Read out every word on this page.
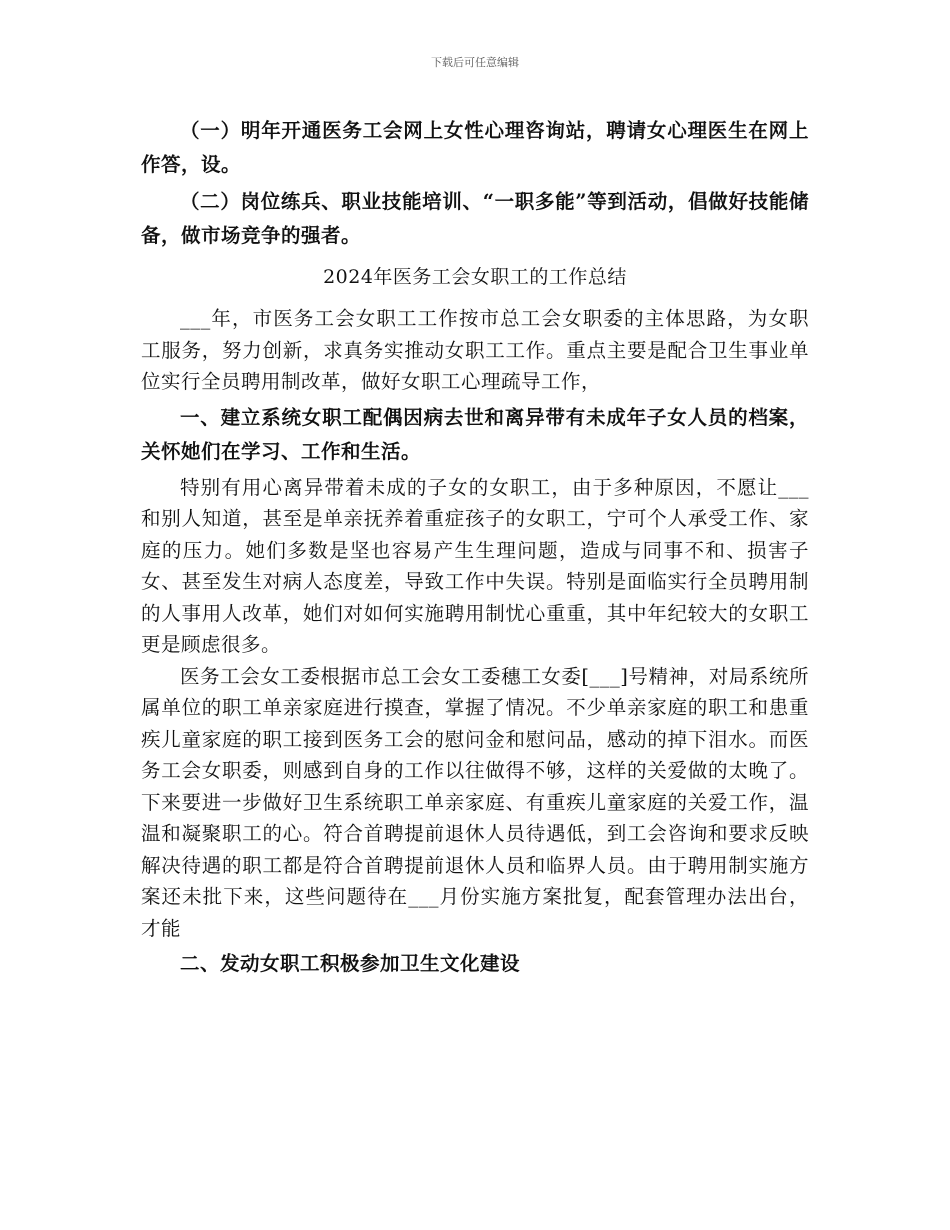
下载后可任意编辑

（一）明年开通医务工会网上女性心理咨询站，聘请女心理医生在网上作答，设。

（二）岗位练兵、职业技能培训、“一职多能”等到活动，倡做好技能储备，做市场竞争的强者。

2024年医务工会女职工的工作总结

___年，市医务工会女职工工作按市总工会女职委的主体思路，为女职工服务，努力创新，求真务实推动女职工工作。重点主要是配合卫生事业单位实行全员聘用制改革，做好女职工心理疏导工作，

一、建立系统女职工配偶因病去世和离异带有未成年子女人员的档案，关怀她们在学习、工作和生活。

特别有用心离异带着未成的子女的女职工，由于多种原因，不愿让___和别人知道，甚至是单亲抚养着重症孩子的女职工，宁可个人承受工作、家庭的压力。她们多数是坚也容易产生生理问题，造成与同事不和、损害子女、甚至发生对病人态度差，导致工作中失误。特别是面临实行全员聘用制的人事用人改革，她们对如何实施聘用制忧心重重，其中年纪较大的女职工更是顾虑很多。

医务工会女工委根据市总工会女工委穗工女委[___]号精神，对局系统所属单位的职工单亲家庭进行摸查，掌握了情况。不少单亲家庭的职工和患重疾儿童家庭的职工接到医务工会的慰问金和慰问品，感动的掉下泪水。而医务工会女职委，则感到自身的工作以往做得不够，这样的关爱做的太晚了。下来要进一步做好卫生系统职工单亲家庭、有重疾儿童家庭的关爱工作，温温和凝聚职工的心。符合首聘提前退休人员待遇低，到工会咨询和要求反映解决待遇的职工都是符合首聘提前退休人员和临界人员。由于聘用制实施方案还未批下来，这些问题待在___月份实施方案批复，配套管理办法出台，才能

二、发动女职工积极参加卫生文化建设
